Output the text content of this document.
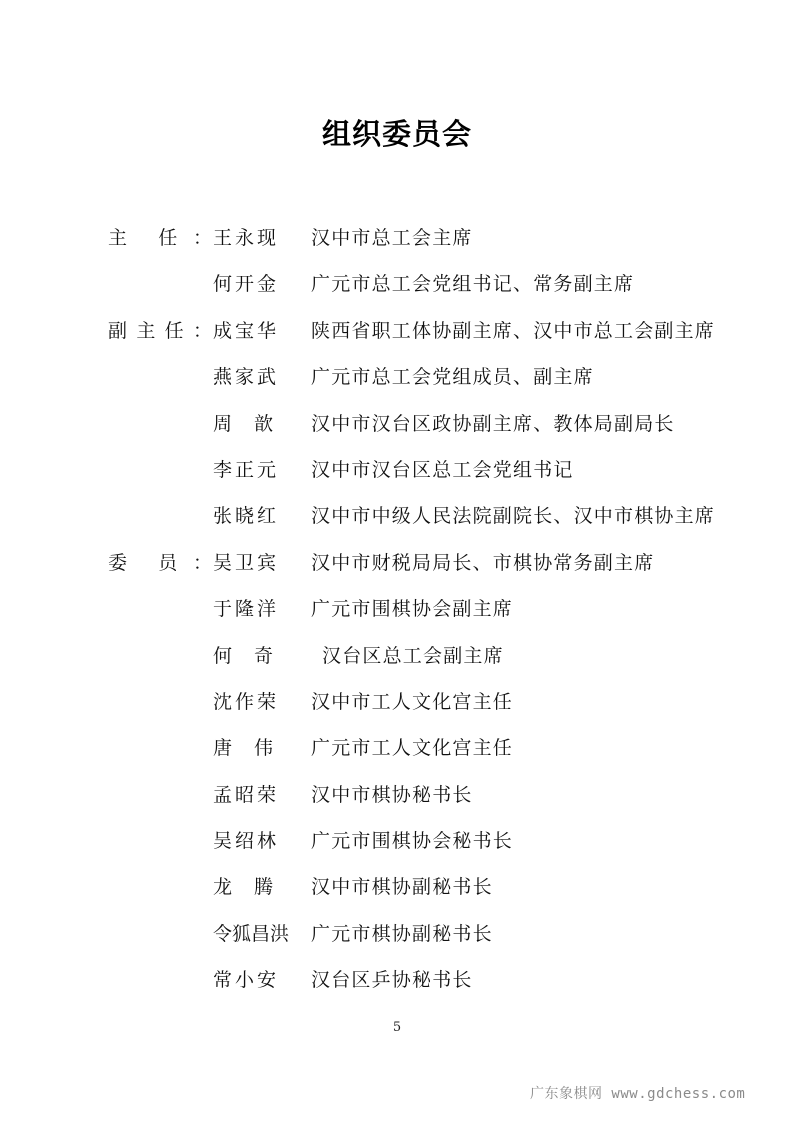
组织委员会
主 任 ： 王永现	汉中市总工会主席
何开金	广元市总工会党组书记、常务副主席
副 主 任 ： 成宝华	陕西省职工体协副主席、汉中市总工会副主席
燕家武	广元市总工会党组成员、副主席
周 歆	汉中市汉台区政协副主席、教体局副局长
李正元	汉中市汉台区总工会党组书记
张晓红	汉中市中级人民法院副院长、汉中市棋协主席
委 员 ： 吴卫宾	汉中市财税局局长、市棋协常务副主席
于隆洋	广元市围棋协会副主席
何 奇	汉台区总工会副主席
沈作荣	汉中市工人文化宫主任
唐 伟	广元市工人文化宫主任
孟昭荣	汉中市棋协秘书长
吴绍林	广元市围棋协会秘书长
龙 腾	汉中市棋协副秘书长
令狐昌洪	广元市棋协副秘书长
常小安	汉台区乒协秘书长
5
广东象棋网 www.gdchess.com
